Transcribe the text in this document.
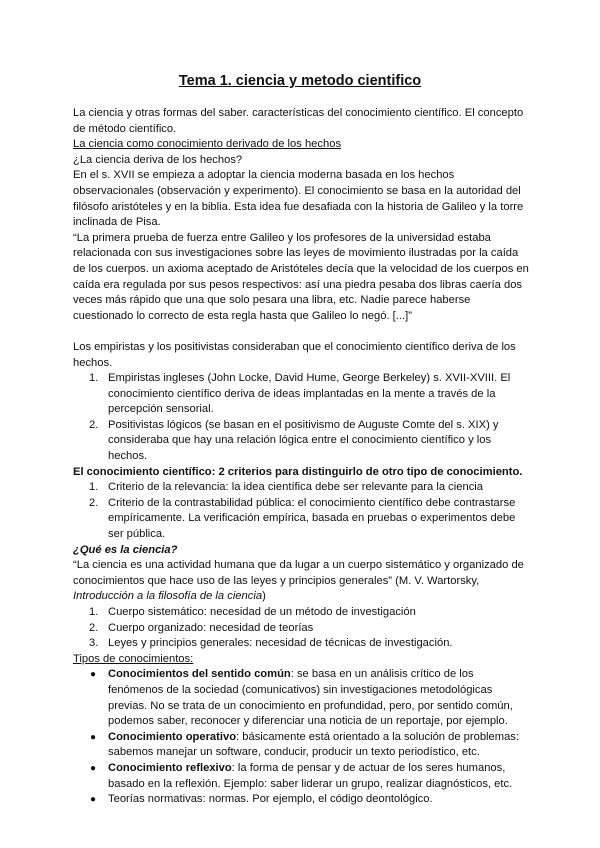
Tema 1. ciencia y metodo cientifico

La ciencia y otras formas del saber. características del conocimiento científico. El concepto de método científico.

La ciencia como conocimiento derivado de los hechos

¿La ciencia deriva de los hechos?

En el s. XVII se empieza a adoptar la ciencia moderna basada en los hechos observacionales (observación y experimento). El conocimiento se basa en la autoridad del filósofo aristóteles y en la biblia. Esta idea fue desafiada con la historia de Galileo y la torre inclinada de Pisa.

“La primera prueba de fuerza entre Galileo y los profesores de la universidad estaba relacionada con sus investigaciones sobre las leyes de movimiento ilustradas por la caída de los cuerpos. un axioma aceptado de Aristóteles decía que la velocidad de los cuerpos en caída era regulada por sus pesos respectivos: así una piedra pesaba dos libras caería dos veces más rápido que una que solo pesara una libra, etc. Nadie parece haberse cuestionado lo correcto de esta regla hasta que Galileo lo negó. [...]”

Los empiristas y los positivistas consideraban que el conocimiento científico deriva de los hechos.

1. Empiristas ingleses (John Locke, David Hume, George Berkeley) s. XVII-XVIII. El conocimiento científico deriva de ideas implantadas en la mente a través de la percepción sensorial.
2. Positivistas lógicos (se basan en el positivismo de Auguste Comte del s. XIX) y consideraba que hay una relación lógica entre el conocimiento científico y los hechos.

El conocimiento científico: 2 criterios para distinguirlo de otro tipo de conocimiento.

1. Criterio de la relevancia: la idea científica debe ser relevante para la ciencia
2. Criterio de la contrastabilidad pública: el conocimiento científico debe contrastarse empíricamente. La verificación empírica, basada en pruebas o experimentos debe ser pública.

¿Qué es la ciencia?

“La ciencia es una actividad humana que da lugar a un cuerpo sistemático y organizado de conocimientos que hace uso de las leyes y principios generales” (M. V. Wartorsky,
Introducción a la filosofía de la ciencia)

1. Cuerpo sistemático: necesidad de un método de investigación
2. Cuerpo organizado: necesidad de teorías
3. Leyes y principios generales: necesidad de técnicas de investigación.

Tipos de conocimientos:

● Conocimientos del sentido común: se basa en un análisis crítico de los fenómenos de la sociedad (comunicativos) sin investigaciones metodológicas previas. No se trata de un conocimiento en profundidad, pero, por sentido común, podemos saber, reconocer y diferenciar una noticia de un reportaje, por ejemplo.
● Conocimiento operativo: básicamente está orientado a la solución de problemas: sabemos manejar un software, conducir, producir un texto periodístico, etc.
● Conocimiento reflexivo: la forma de pensar y de actuar de los seres humanos, basado en la reflexión. Ejemplo: saber liderar un grupo, realizar diagnósticos, etc.
● Teorías normativas: normas. Por ejemplo, el código deontológico.
